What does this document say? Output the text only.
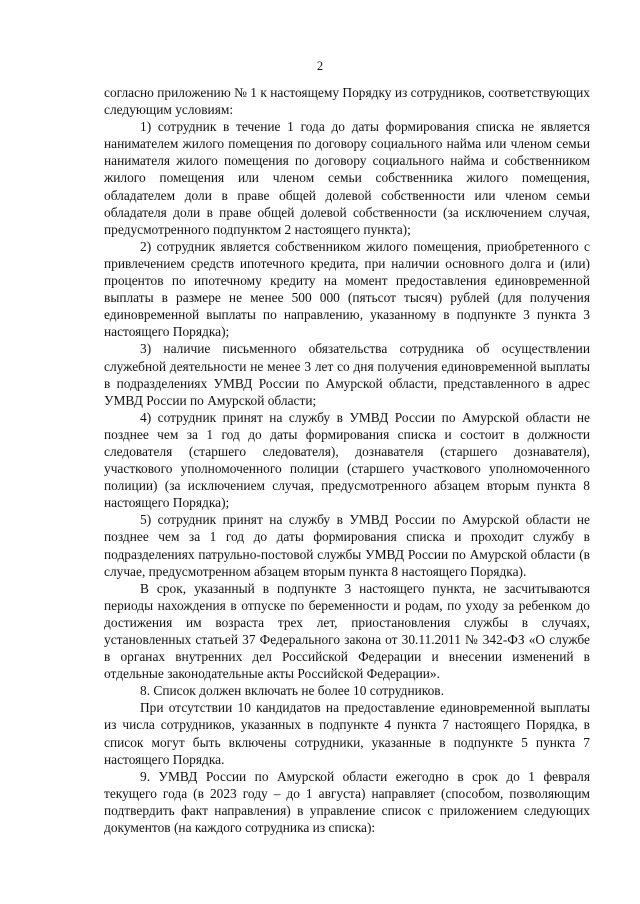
2

согласно приложению № 1 к настоящему Порядку из сотрудников, соответствующих следующим условиям:

1) сотрудник в течение 1 года до даты формирования списка не является нанимателем жилого помещения по договору социального найма или членом семьи нанимателя жилого помещения по договору социального найма и собственником жилого помещения или членом семьи собственника жилого помещения, обладателем доли в праве общей долевой собственности или членом семьи обладателя доли в праве общей долевой собственности (за исключением случая, предусмотренного подпунктом 2 настоящего пункта);

2) сотрудник является собственником жилого помещения, приобретенного с привлечением средств ипотечного кредита, при наличии основного долга и (или) процентов по ипотечному кредиту на момент предоставления единовременной выплаты в размере не менее 500 000 (пятьсот тысяч) рублей (для получения единовременной выплаты по направлению, указанному в подпункте 3 пункта 3 настоящего Порядка);

3) наличие письменного обязательства сотрудника об осуществлении служебной деятельности не менее 3 лет со дня получения единовременной выплаты в подразделениях УМВД России по Амурской области, представленного в адрес УМВД России по Амурской области;

4) сотрудник принят на службу в УМВД России по Амурской области не позднее чем за 1 год до даты формирования списка и состоит в должности следователя (старшего следователя), дознавателя (старшего дознавателя), участкового уполномоченного полиции (старшего участкового уполномоченного полиции) (за исключением случая, предусмотренного абзацем вторым пункта 8 настоящего Порядка);

5) сотрудник принят на службу в УМВД России по Амурской области не позднее чем за 1 год до даты формирования списка и проходит службу в подразделениях патрульно-постовой службы УМВД России по Амурской области (в случае, предусмотренном абзацем вторым пункта 8 настоящего Порядка).

В срок, указанный в подпункте 3 настоящего пункта, не засчитываются периоды нахождения в отпуске по беременности и родам, по уходу за ребенком до достижения им возраста трех лет, приостановления службы в случаях, установленных статьей 37 Федерального закона от 30.11.2011 № 342-ФЗ «О службе в органах внутренних дел Российской Федерации и внесении изменений в отдельные законодательные акты Российской Федерации».

8. Список должен включать не более 10 сотрудников.

При отсутствии 10 кандидатов на предоставление единовременной выплаты из числа сотрудников, указанных в подпункте 4 пункта 7 настоящего Порядка, в список могут быть включены сотрудники, указанные в подпункте 5 пункта 7 настоящего Порядка.

9. УМВД России по Амурской области ежегодно в срок до 1 февраля текущего года (в 2023 году – до 1 августа) направляет (способом, позволяющим подтвердить факт направления) в управление список с приложением следующих документов (на каждого сотрудника из списка):
